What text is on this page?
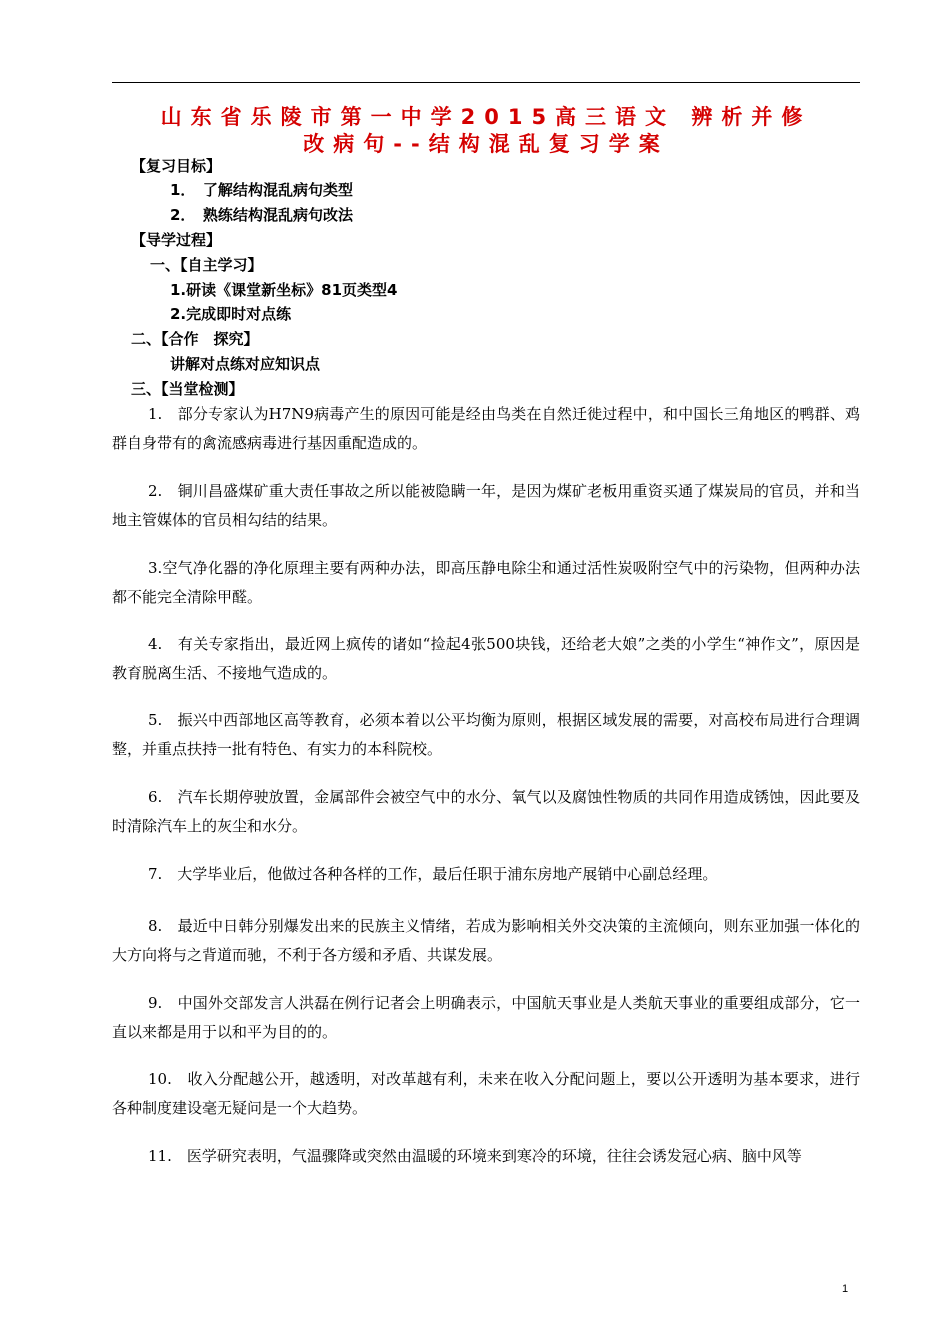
山东省乐陵市第一中学2015高三语文 辨析并修
改病句--结构混乱复习学案
【复习目标】
1．　了解结构混乱病句类型
2．　熟练结构混乱病句改法
【导学过程】
一、【自主学习】
1.研读《课堂新坐标》81页类型4
2.完成即时对点练
二、【合作　探究】
讲解对点练对应知识点
三、【当堂检测】
1.　部分专家认为H7N9病毒产生的原因可能是经由鸟类在自然迁徙过程中，和中国长三角地区的鸭群、鸡群自身带有的禽流感病毒进行基因重配造成的。
2.　铜川昌盛煤矿重大责任事故之所以能被隐瞒一年，是因为煤矿老板用重资买通了煤炭局的官员，并和当地主管媒体的官员相勾结的结果。
3.空气净化器的净化原理主要有两种办法，即高压静电除尘和通过活性炭吸附空气中的污染物，但两种办法都不能完全清除甲醛。
4.　有关专家指出，最近网上疯传的诸如“捡起4张500块钱，还给老大娘”之类的小学生“神作文”，原因是教育脱离生活、不接地气造成的。
5.　振兴中西部地区高等教育，必须本着以公平均衡为原则，根据区域发展的需要，对高校布局进行合理调整，并重点扶持一批有特色、有实力的本科院校。
6.　汽车长期停驶放置，金属部件会被空气中的水分、氧气以及腐蚀性物质的共同作用造成锈蚀，因此要及时清除汽车上的灰尘和水分。
7.　大学毕业后，他做过各种各样的工作，最后任职于浦东房地产展销中心副总经理。
8.　最近中日韩分别爆发出来的民族主义情绪，若成为影响相关外交决策的主流倾向，则东亚加强一体化的大方向将与之背道而驰，不利于各方缓和矛盾、共谋发展。
9.　中国外交部发言人洪磊在例行记者会上明确表示，中国航天事业是人类航天事业的重要组成部分，它一直以来都是用于以和平为目的的。
10.　收入分配越公开，越透明，对改革越有利，未来在收入分配问题上，要以公开透明为基本要求，进行各种制度建设毫无疑问是一个大趋势。
11.　医学研究表明，气温骤降或突然由温暖的环境来到寒冷的环境，往往会诱发冠心病、脑中风等
1
